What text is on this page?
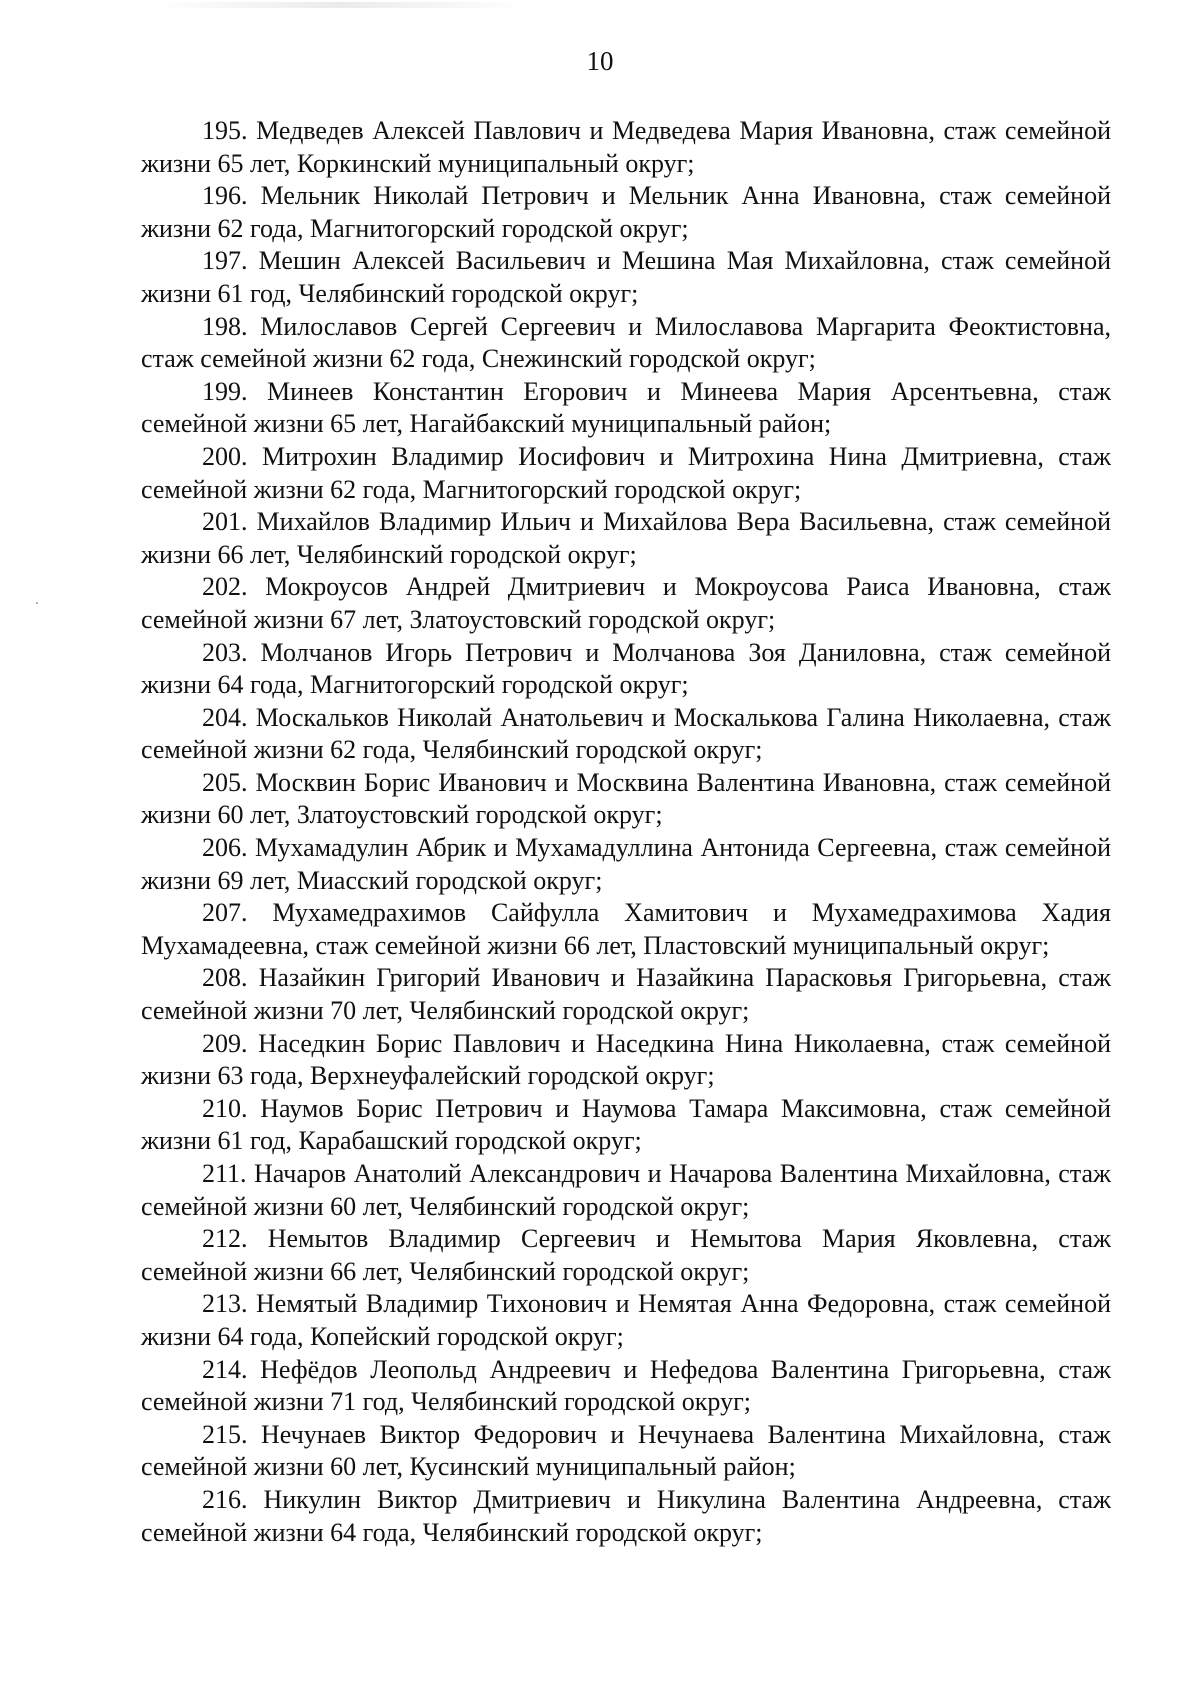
10

195. Медведев Алексей Павлович и Медведева Мария Ивановна, стаж семейной жизни 65 лет, Коркинский муниципальный округ;

196. Мельник Николай Петрович и Мельник Анна Ивановна, стаж семейной жизни 62 года, Магнитогорский городской округ;

197. Мешин Алексей Васильевич и Мешина Мая Михайловна, стаж семейной жизни 61 год, Челябинский городской округ;

198. Милославов Сергей Сергеевич и Милославова Маргарита Феоктистовна, стаж семейной жизни 62 года, Снежинский городской округ;

199. Минеев Константин Егорович и Минеева Мария Арсентьевна, стаж семейной жизни 65 лет, Нагайбакский муниципальный район;

200. Митрохин Владимир Иосифович и Митрохина Нина Дмитриевна, стаж семейной жизни 62 года, Магнитогорский городской округ;

201. Михайлов Владимир Ильич и Михайлова Вера Васильевна, стаж семейной жизни 66 лет, Челябинский городской округ;

202. Мокроусов Андрей Дмитриевич и Мокроусова Раиса Ивановна, стаж семейной жизни 67 лет, Златоустовский городской округ;

203. Молчанов Игорь Петрович и Молчанова Зоя Даниловна, стаж семейной жизни 64 года, Магнитогорский городской округ;

204. Москальков Николай Анатольевич и Москалькова Галина Николаевна, стаж семейной жизни 62 года, Челябинский городской округ;

205. Москвин Борис Иванович и Москвина Валентина Ивановна, стаж семейной жизни 60 лет, Златоустовский городской округ;

206. Мухамадулин Абрик и Мухамадуллина Антонида Сергеевна, стаж семейной жизни 69 лет, Миасский городской округ;

207. Мухамедрахимов Сайфулла Хамитович и Мухамедрахимова Хадия Мухамадеевна, стаж семейной жизни 66 лет, Пластовский муниципальный округ;

208. Назайкин Григорий Иванович и Назайкина Парасковья Григорьевна, стаж семейной жизни 70 лет, Челябинский городской округ;

209. Наседкин Борис Павлович и Наседкина Нина Николаевна, стаж семейной жизни 63 года, Верхнеуфалейский городской округ;

210. Наумов Борис Петрович и Наумова Тамара Максимовна, стаж семейной жизни 61 год, Карабашский городской округ;

211. Начаров Анатолий Александрович и Начарова Валентина Михайловна, стаж семейной жизни 60 лет, Челябинский городской округ;

212. Немытов Владимир Сергеевич и Немытова Мария Яковлевна, стаж семейной жизни 66 лет, Челябинский городской округ;

213. Немятый Владимир Тихонович и Немятая Анна Федоровна, стаж семейной жизни 64 года, Копейский городской округ;

214. Нефёдов Леопольд Андреевич и Нефедова Валентина Григорьевна, стаж семейной жизни 71 год, Челябинский городской округ;

215. Нечунаев Виктор Федорович и Нечунаева Валентина Михайловна, стаж семейной жизни 60 лет, Кусинский муниципальный район;

216. Никулин Виктор Дмитриевич и Никулина Валентина Андреевна, стаж семейной жизни 64 года, Челябинский городской округ;
